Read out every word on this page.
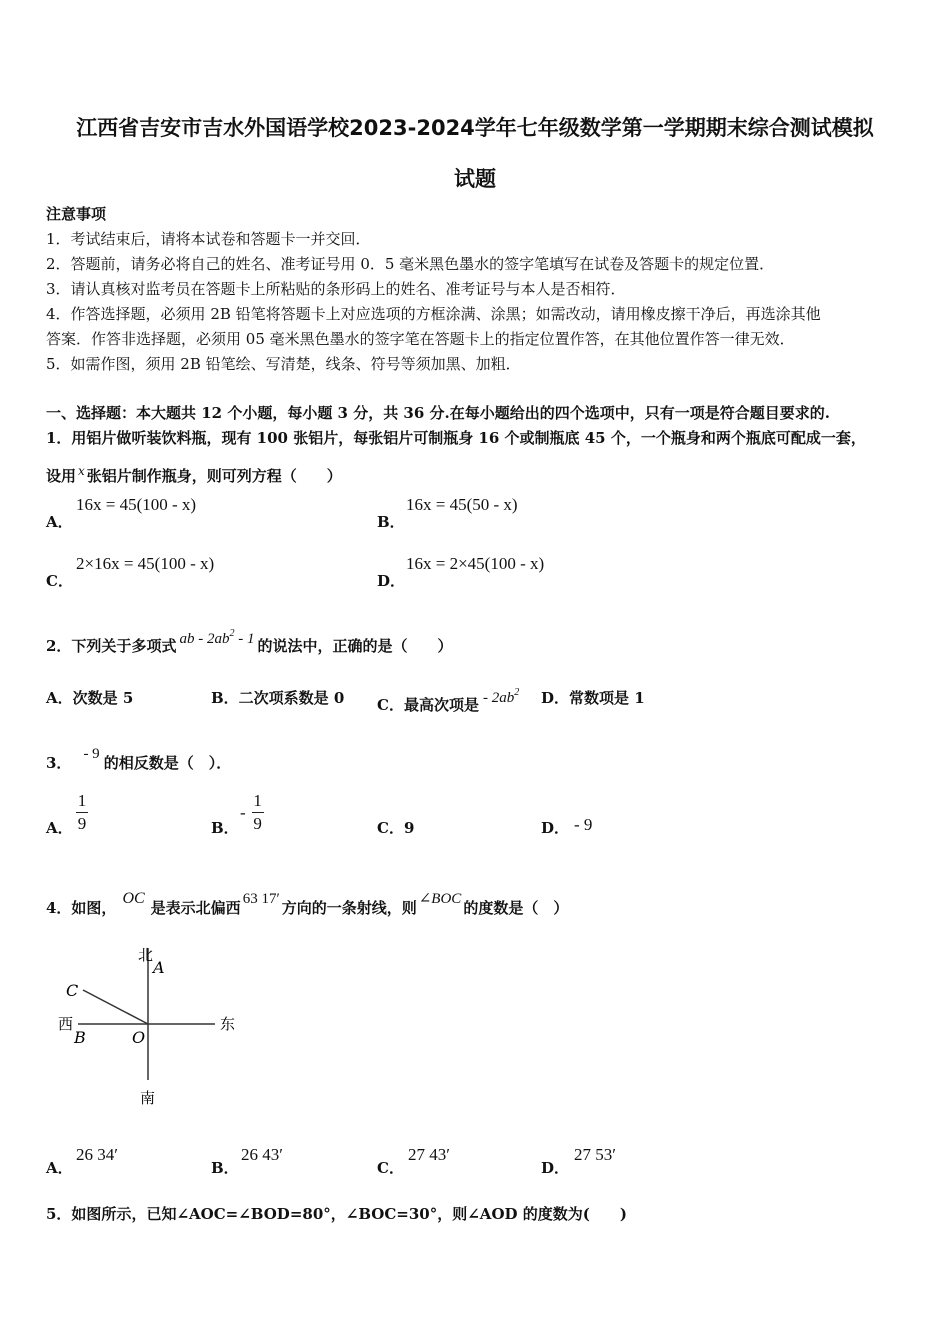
江西省吉安市吉水外国语学校2023-2024学年七年级数学第一学期期末综合测试模拟
试题
注意事项
1．考试结束后，请将本试卷和答题卡一并交回．
2．答题前，请务必将自己的姓名、准考证号用 0．5 毫米黑色墨水的签字笔填写在试卷及答题卡的规定位置．
3．请认真核对监考员在答题卡上所粘贴的条形码上的姓名、准考证号与本人是否相符．
4．作答选择题，必须用 2B 铅笔将答题卡上对应选项的方框涂满、涂黑；如需改动，请用橡皮擦干净后，再选涂其他
答案．作答非选择题，必须用 05 毫米黑色墨水的签字笔在答题卡上的指定位置作答，在其他位置作答一律无效．
5．如需作图，须用 2B 铅笔绘、写清楚，线条、符号等须加黑、加粗．
一、选择题：本大题共 12 个小题，每小题 3 分，共 36 分.在每小题给出的四个选项中，只有一项是符合题目要求的.
1．用铝片做听装饮料瓶，现有 100 张铝片，每张铝片可制瓶身 16 个或制瓶底 45 个，一个瓶身和两个瓶底可配成一套，
设用 $^x$ 张铝片制作瓶身，则可列方程（　　）
A．
16x = 45(100 - x)
B．
16x = 45(50 - x)
C．
2×16x = 45(100 - x)
D．
16x = 2×45(100 - x)
2．下列关于多项式 ab - $2ab^2 - 1$ 的说法中，正确的是（　　）
A．次数是 5	B．二次项系数是 0 C．最高次项是 - $2ab^2$ D．常数项是 1
3． - 9 的相反数是（　）．
A． $\frac{1}{9}$	B．
- $\frac{1}{9}$	C．9	D． - 9
4．如图，OC是表示北偏西 63 17′ 方向的一条射线，则 ∠BOC 的度数是（　）
北
A
C
西
B	O
东
南
A．
26 34′
B．
26 43′
C．
27 43′
D．
27 53′
5．如图所示，已知∠AOC=∠BOD=80°，∠BOC=30°，则∠AOD 的度数为(　　)
